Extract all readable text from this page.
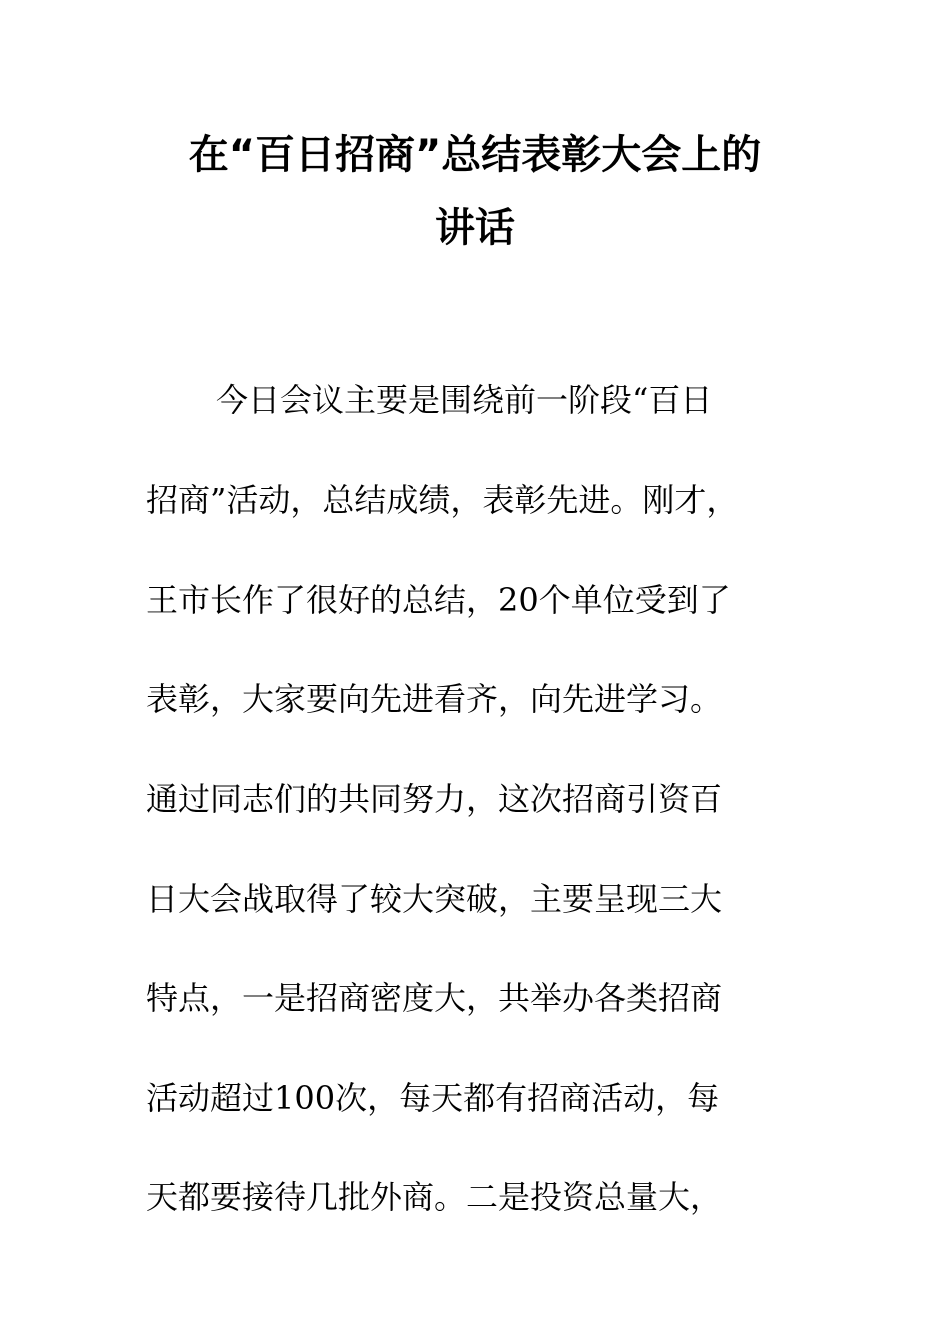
在“百日招商”总结表彰大会上的
讲话
今日会议主要是围绕前一阶段“百日
招商”活动，总结成绩，表彰先进。刚才，
王市长作了很好的总结，20个单位受到了
表彰，大家要向先进看齐，向先进学习。
通过同志们的共同努力，这次招商引资百
日大会战取得了较大突破，主要呈现三大
特点，一是招商密度大，共举办各类招商
活动超过100次，每天都有招商活动，每
天都要接待几批外商。二是投资总量大，
